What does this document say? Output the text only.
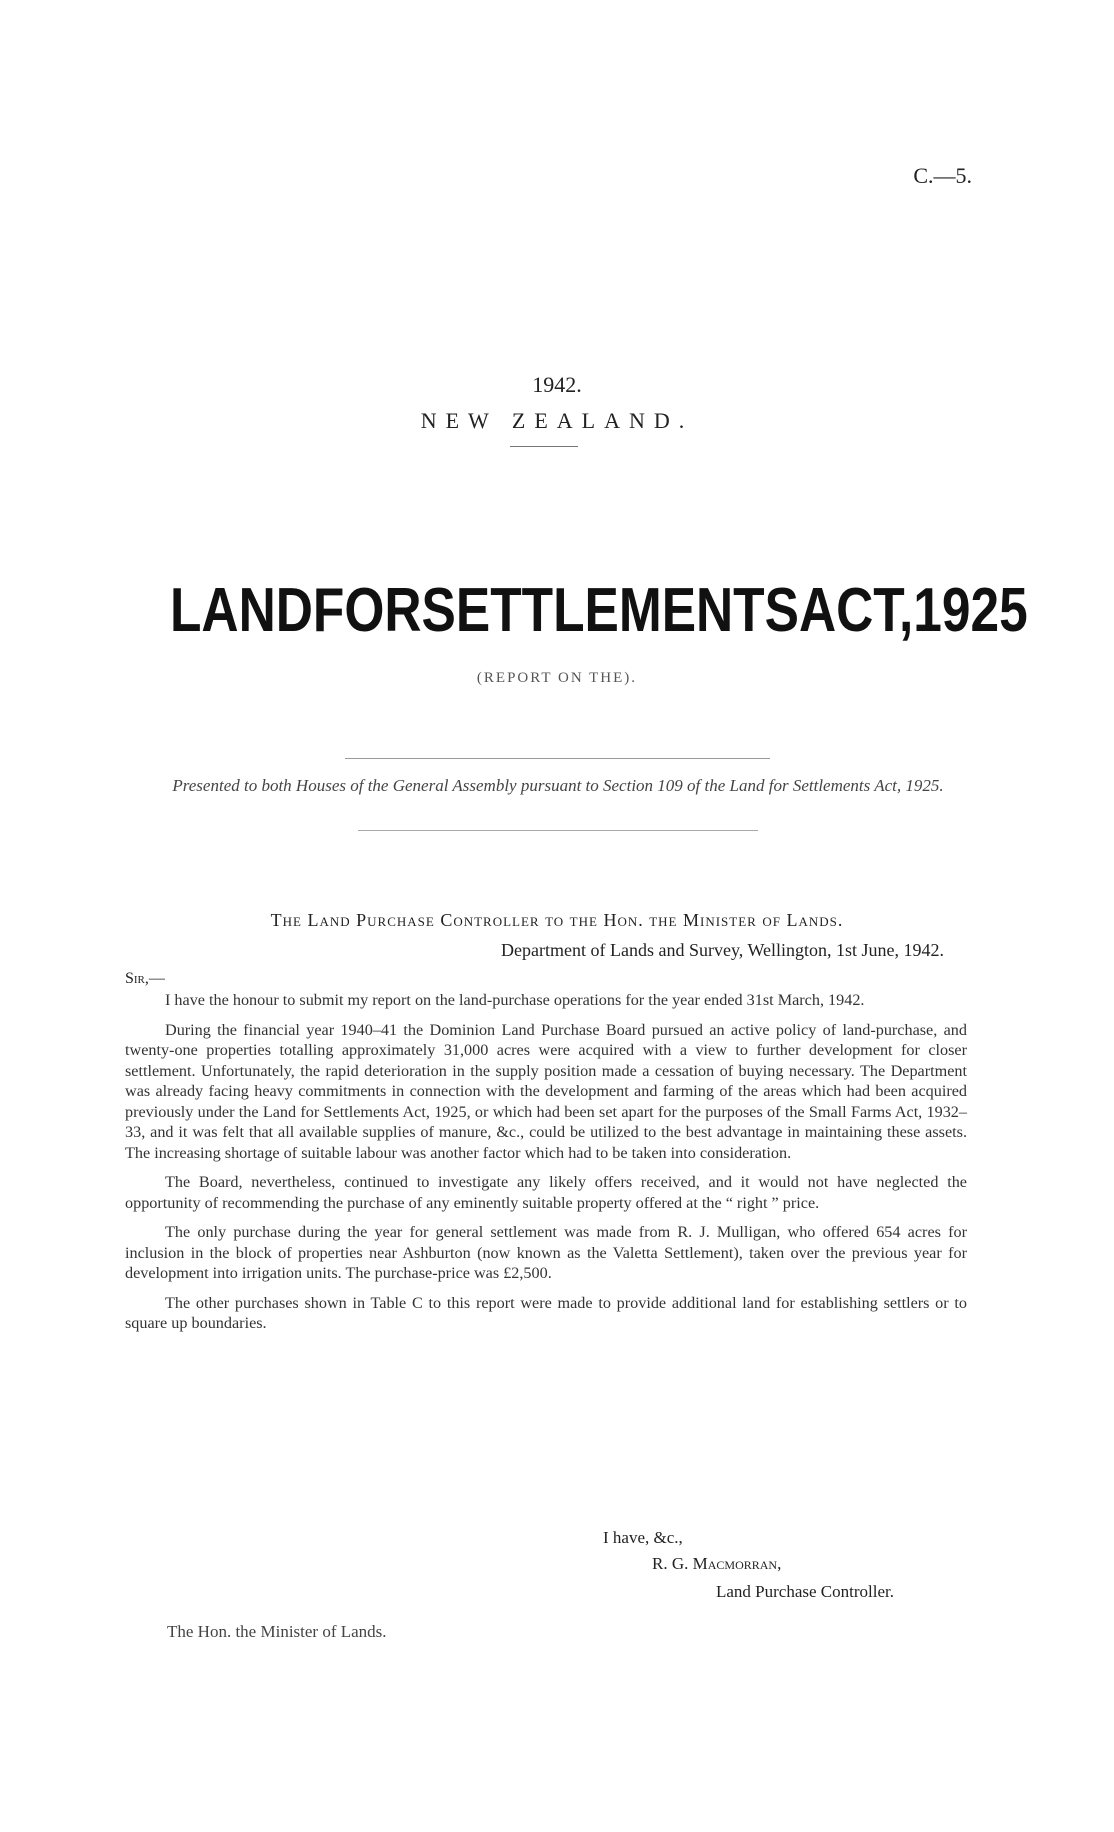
C.—5.
1942.
NEW ZEALAND.
LAND FOR SETTLEMENTS ACT, 1925
(REPORT ON THE).
Presented to both Houses of the General Assembly pursuant to Section 109 of the Land for Settlements Act, 1925.
The Land Purchase Controller to the Hon. the Minister of Lands.
Department of Lands and Survey, Wellington, 1st June, 1942.
Sir,—

I have the honour to submit my report on the land-purchase operations for the year ended 31st March, 1942.

During the financial year 1940–41 the Dominion Land Purchase Board pursued an active policy of land-purchase, and twenty-one properties totalling approximately 31,000 acres were acquired with a view to further development for closer settlement. Unfortunately, the rapid deterioration in the supply position made a cessation of buying necessary. The Department was already facing heavy commitments in connection with the development and farming of the areas which had been acquired previously under the Land for Settlements Act, 1925, or which had been set apart for the purposes of the Small Farms Act, 1932–33, and it was felt that all available supplies of manure, &c., could be utilized to the best advantage in maintaining these assets. The increasing shortage of suitable labour was another factor which had to be taken into consideration.

The Board, nevertheless, continued to investigate any likely offers received, and it would not have neglected the opportunity of recommending the purchase of any eminently suitable property offered at the “ right ” price.

The only purchase during the year for general settlement was made from R. J. Mulligan, who offered 654 acres for inclusion in the block of properties near Ashburton (now known as the Valetta Settlement), taken over the previous year for development into irrigation units. The purchase-price was £2,500.

The other purchases shown in Table C to this report were made to provide additional land for establishing settlers or to square up boundaries.

I have, &c.,
R. G. Macmorran,
Land Purchase Controller.
The Hon. the Minister of Lands.
